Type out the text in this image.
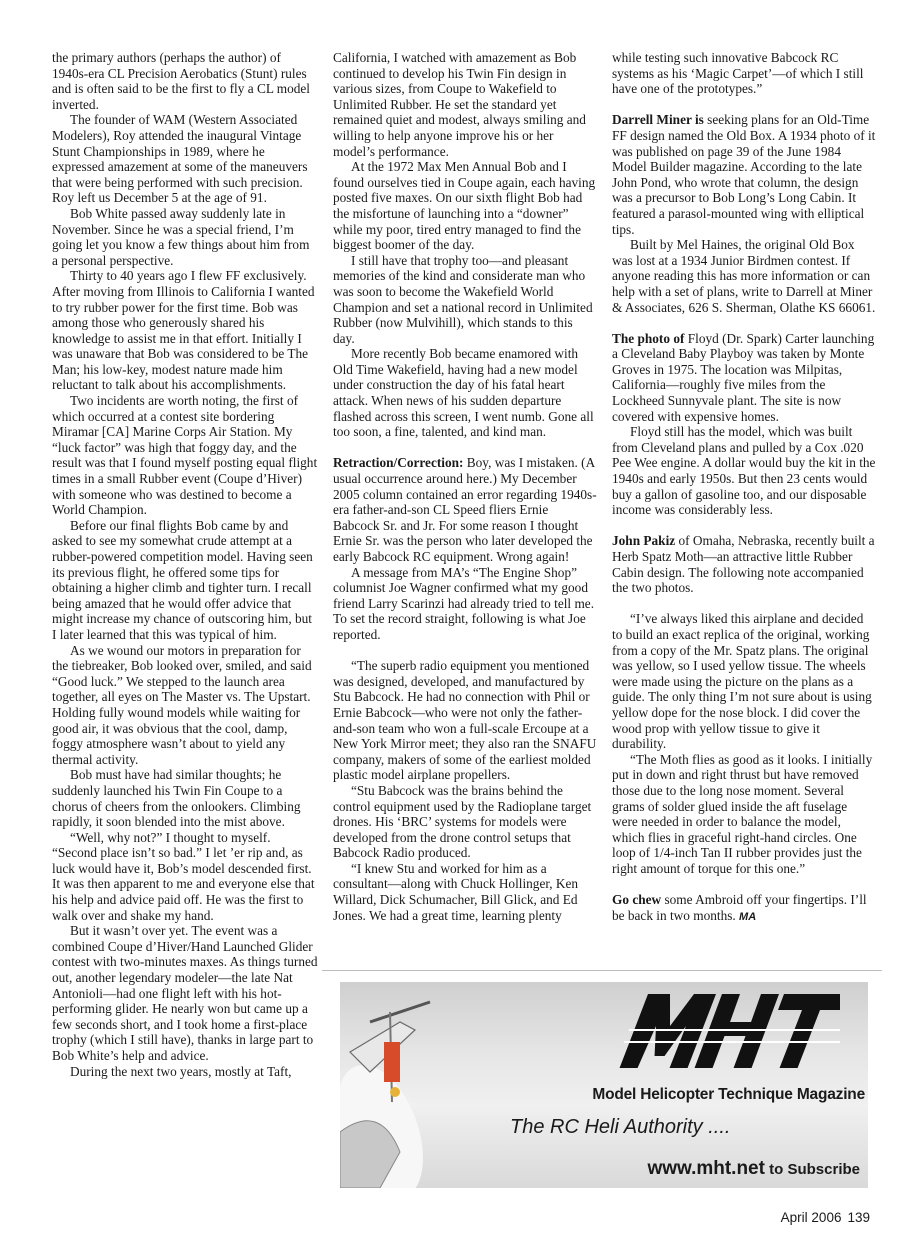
the primary authors (perhaps the author) of 1940s-era CL Precision Aerobatics (Stunt) rules and is often said to be the first to fly a CL model inverted.

The founder of WAM (Western Associated Modelers), Roy attended the inaugural Vintage Stunt Championships in 1989, where he expressed amazement at some of the maneuvers that were being performed with such precision. Roy left us December 5 at the age of 91.

Bob White passed away suddenly late in November. Since he was a special friend, I’m going let you know a few things about him from a personal perspective.

Thirty to 40 years ago I flew FF exclusively. After moving from Illinois to California I wanted to try rubber power for the first time. Bob was among those who generously shared his knowledge to assist me in that effort. Initially I was unaware that Bob was considered to be The Man; his low-key, modest nature made him reluctant to talk about his accomplishments.

Two incidents are worth noting, the first of which occurred at a contest site bordering Miramar [CA] Marine Corps Air Station. My “luck factor” was high that foggy day, and the result was that I found myself posting equal flight times in a small Rubber event (Coupe d’Hiver) with someone who was destined to become a World Champion.

Before our final flights Bob came by and asked to see my somewhat crude attempt at a rubber-powered competition model. Having seen its previous flight, he offered some tips for obtaining a higher climb and tighter turn. I recall being amazed that he would offer advice that might increase my chance of outscoring him, but I later learned that this was typical of him.

As we wound our motors in preparation for the tiebreaker, Bob looked over, smiled, and said “Good luck.” We stepped to the launch area together, all eyes on The Master vs. The Upstart. Holding fully wound models while waiting for good air, it was obvious that the cool, damp, foggy atmosphere wasn’t about to yield any thermal activity.

Bob must have had similar thoughts; he suddenly launched his Twin Fin Coupe to a chorus of cheers from the onlookers. Climbing rapidly, it soon blended into the mist above.

“Well, why not?” I thought to myself. “Second place isn’t so bad.” I let ’er rip and, as luck would have it, Bob’s model descended first. It was then apparent to me and everyone else that his help and advice paid off. He was the first to walk over and shake my hand.

But it wasn’t over yet. The event was a combined Coupe d’Hiver/Hand Launched Glider contest with two-minutes maxes. As things turned out, another legendary modeler—the late Nat Antonioli—had one flight left with his hot-performing glider. He nearly won but came up a few seconds short, and I took home a first-place trophy (which I still have), thanks in large part to Bob White’s help and advice.

During the next two years, mostly at Taft,

California, I watched with amazement as Bob continued to develop his Twin Fin design in various sizes, from Coupe to Wakefield to Unlimited Rubber. He set the standard yet remained quiet and modest, always smiling and willing to help anyone improve his or her model’s performance.

At the 1972 Max Men Annual Bob and I found ourselves tied in Coupe again, each having posted five maxes. On our sixth flight Bob had the misfortune of launching into a “downer” while my poor, tired entry managed to find the biggest boomer of the day.

I still have that trophy too—and pleasant memories of the kind and considerate man who was soon to become the Wakefield World Champion and set a national record in Unlimited Rubber (now Mulvihill), which stands to this day.

More recently Bob became enamored with Old Time Wakefield, having had a new model under construction the day of his fatal heart attack. When news of his sudden departure flashed across this screen, I went numb. Gone all too soon, a fine, talented, and kind man.

Retraction/Correction: Boy, was I mistaken. (A usual occurrence around here.) My December 2005 column contained an error regarding 1940s-era father-and-son CL Speed fliers Ernie Babcock Sr. and Jr. For some reason I thought Ernie Sr. was the person who later developed the early Babcock RC equipment. Wrong again!

A message from MA’s “The Engine Shop” columnist Joe Wagner confirmed what my good friend Larry Scarinzi had already tried to tell me. To set the record straight, following is what Joe reported.

“The superb radio equipment you mentioned was designed, developed, and manufactured by Stu Babcock. He had no connection with Phil or Ernie Babcock—who were not only the father-and-son team who won a full-scale Ercoupe at a New York Mirror meet; they also ran the SNAFU company, makers of some of the earliest molded plastic model airplane propellers.

“Stu Babcock was the brains behind the control equipment used by the Radioplane target drones. His ‘BRC’ systems for models were developed from the drone control setups that Babcock Radio produced.

“I knew Stu and worked for him as a consultant—along with Chuck Hollinger, Ken Willard, Dick Schumacher, Bill Glick, and Ed Jones. We had a great time, learning plenty

while testing such innovative Babcock RC systems as his ‘Magic Carpet’—of which I still have one of the prototypes.”

Darrell Miner is seeking plans for an Old-Time FF design named the Old Box. A 1934 photo of it was published on page 39 of the June 1984 Model Builder magazine. According to the late John Pond, who wrote that column, the design was a precursor to Bob Long’s Long Cabin. It featured a parasol-mounted wing with elliptical tips.

Built by Mel Haines, the original Old Box was lost at a 1934 Junior Birdmen contest. If anyone reading this has more information or can help with a set of plans, write to Darrell at Miner & Associates, 626 S. Sherman, Olathe KS 66061.

The photo of Floyd (Dr. Spark) Carter launching a Cleveland Baby Playboy was taken by Monte Groves in 1975. The location was Milpitas, California—roughly five miles from the Lockheed Sunnyvale plant. The site is now covered with expensive homes.

Floyd still has the model, which was built from Cleveland plans and pulled by a Cox .020 Pee Wee engine. A dollar would buy the kit in the 1940s and early 1950s. But then 23 cents would buy a gallon of gasoline too, and our disposable income was considerably less.

John Pakiz of Omaha, Nebraska, recently built a Herb Spatz Moth—an attractive little Rubber Cabin design. The following note accompanied the two photos.

“I’ve always liked this airplane and decided to build an exact replica of the original, working from a copy of the Mr. Spatz plans. The original was yellow, so I used yellow tissue. The wheels were made using the picture on the plans as a guide. The only thing I’m not sure about is using yellow dope for the nose block. I did cover the wood prop with yellow tissue to give it durability.

“The Moth flies as good as it looks. I initially put in down and right thrust but have removed those due to the long nose moment. Several grams of solder glued inside the aft fuselage were needed in order to balance the model, which flies in graceful right-hand circles. One loop of 1/4-inch Tan II rubber provides just the right amount of torque for this one.”

Go chew some Ambroid off your fingertips. I’ll be back in two months. MA

Model Helicopter Technique Magazine
The RC Heli Authority ....
www.mht.net to Subscribe
April 2006 139
